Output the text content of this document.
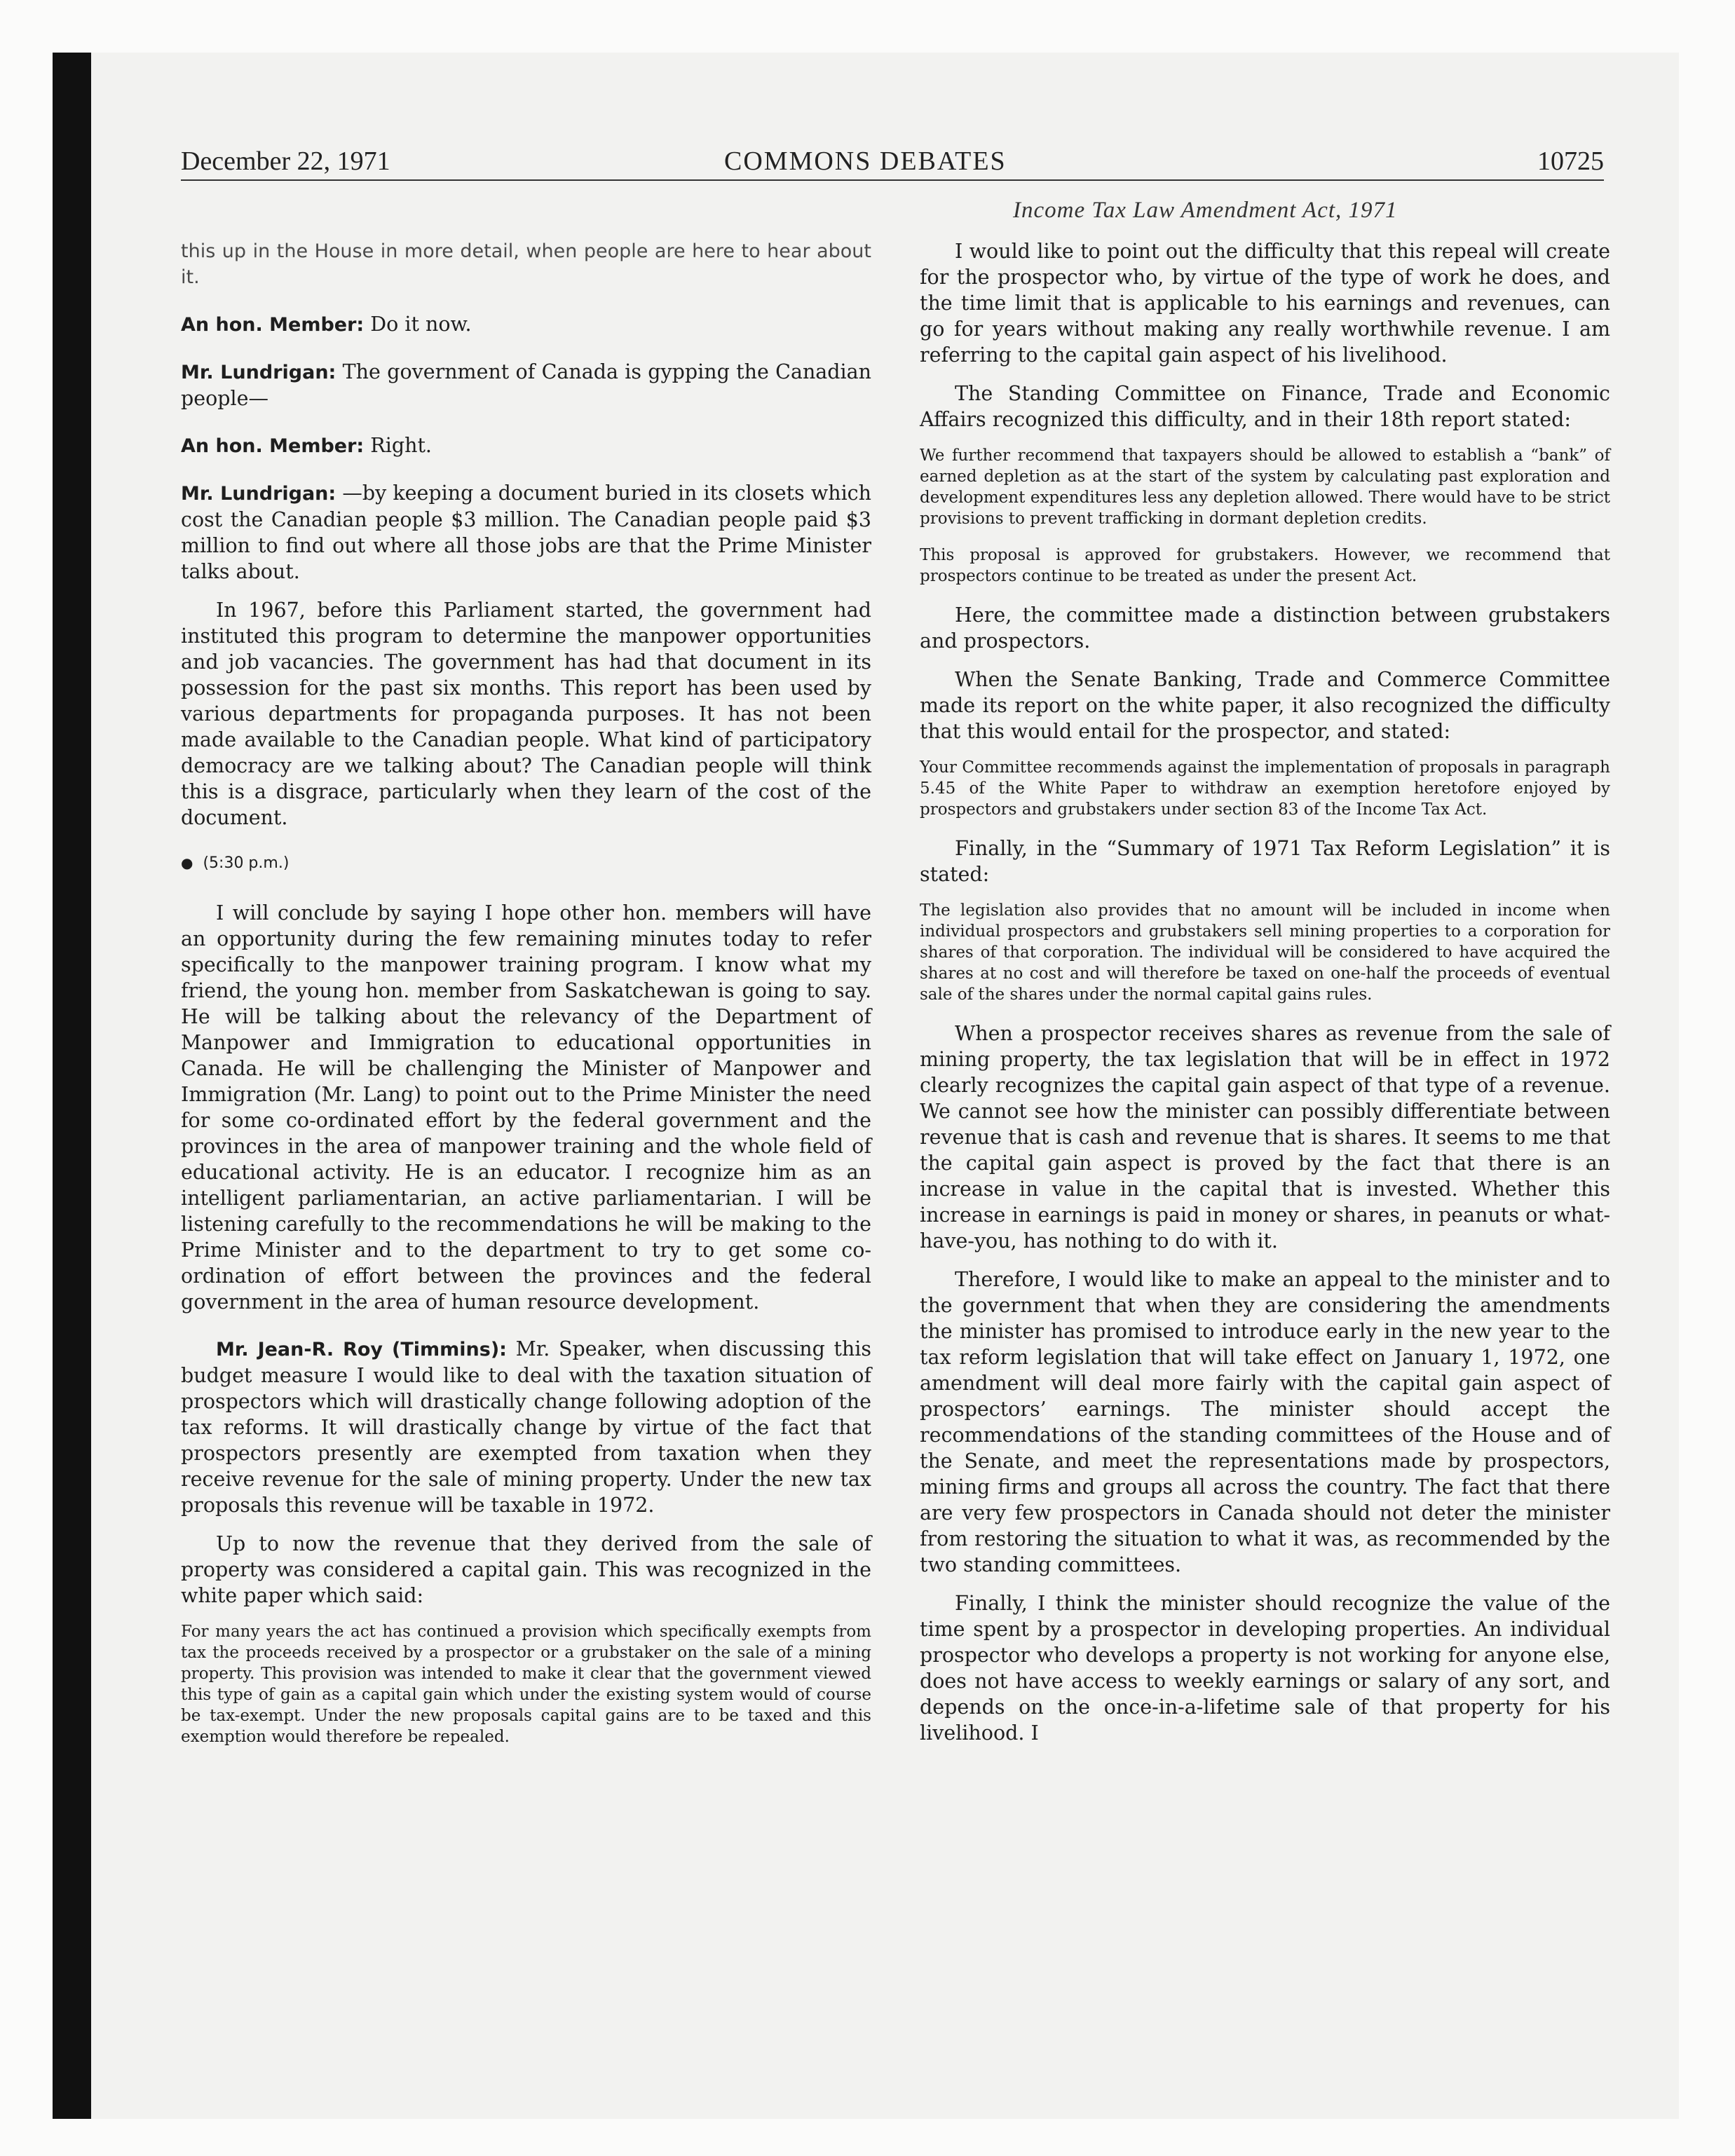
December 22, 1971	COMMONS DEBATES	10725
Income Tax Law Amendment Act, 1971

this up in the House in more detail, when people are here to hear about it.

An hon. Member: Do it now.

Mr. Lundrigan: The government of Canada is gypping the Canadian people—

An hon. Member: Right.

Mr. Lundrigan: —by keeping a document buried in its closets which cost the Canadian people $3 million. The Canadian people paid $3 million to find out where all those jobs are that the Prime Minister talks about.

In 1967, before this Parliament started, the government had instituted this program to determine the manpower opportunities and job vacancies. The government has had that document in its possession for the past six months. This report has been used by various departments for propaganda purposes. It has not been made available to the Canadian people. What kind of participatory democracy are we talking about? The Canadian people will think this is a disgrace, particularly when they learn of the cost of the document.

● (5:30 p.m.)

I will conclude by saying I hope other hon. members will have an opportunity during the few remaining minutes today to refer specifically to the manpower training program. I know what my friend, the young hon. member from Saskatchewan is going to say. He will be talking about the relevancy of the Department of Manpower and Immigration to educational opportunities in Canada. He will be challenging the Minister of Manpower and Immigration (Mr. Lang) to point out to the Prime Minister the need for some co-ordinated effort by the federal government and the provinces in the area of manpower training and the whole field of educational activity. He is an educator. I recognize him as an intelligent parliamentarian, an active parliamentarian. I will be listening carefully to the recommendations he will be making to the Prime Minister and to the department to try to get some co-ordination of effort between the provinces and the federal government in the area of human resource development.

Mr. Jean-R. Roy (Timmins): Mr. Speaker, when discussing this budget measure I would like to deal with the taxation situation of prospectors which will drastically change following adoption of the tax reforms. It will drastically change by virtue of the fact that prospectors presently are exempted from taxation when they receive revenue for the sale of mining property. Under the new tax proposals this revenue will be taxable in 1972.

Up to now the revenue that they derived from the sale of property was considered a capital gain. This was recognized in the white paper which said:

For many years the act has continued a provision which specifically exempts from tax the proceeds received by a prospector or a grubstaker on the sale of a mining property. This provision was intended to make it clear that the government viewed this type of gain as a capital gain which under the existing system would of course be tax-exempt. Under the new proposals capital gains are to be taxed and this exemption would therefore be repealed.

I would like to point out the difficulty that this repeal will create for the prospector who, by virtue of the type of work he does, and the time limit that is applicable to his earnings and revenues, can go for years without making any really worthwhile revenue. I am referring to the capital gain aspect of his livelihood.

The Standing Committee on Finance, Trade and Economic Affairs recognized this difficulty, and in their 18th report stated:

We further recommend that taxpayers should be allowed to establish a “bank” of earned depletion as at the start of the system by calculating past exploration and development expenditures less any depletion allowed. There would have to be strict provisions to prevent trafficking in dormant depletion credits.

This proposal is approved for grubstakers. However, we recommend that prospectors continue to be treated as under the present Act.

Here, the committee made a distinction between grubstakers and prospectors.

When the Senate Banking, Trade and Commerce Committee made its report on the white paper, it also recognized the difficulty that this would entail for the prospector, and stated:

Your Committee recommends against the implementation of proposals in paragraph 5.45 of the White Paper to withdraw an exemption heretofore enjoyed by prospectors and grubstakers under section 83 of the Income Tax Act.

Finally, in the “Summary of 1971 Tax Reform Legislation” it is stated:

The legislation also provides that no amount will be included in income when individual prospectors and grubstakers sell mining properties to a corporation for shares of that corporation. The individual will be considered to have acquired the shares at no cost and will therefore be taxed on one-half the proceeds of eventual sale of the shares under the normal capital gains rules.

When a prospector receives shares as revenue from the sale of mining property, the tax legislation that will be in effect in 1972 clearly recognizes the capital gain aspect of that type of a revenue. We cannot see how the minister can possibly differentiate between revenue that is cash and revenue that is shares. It seems to me that the capital gain aspect is proved by the fact that there is an increase in value in the capital that is invested. Whether this increase in earnings is paid in money or shares, in peanuts or what-have-you, has nothing to do with it.

Therefore, I would like to make an appeal to the minister and to the government that when they are considering the amendments the minister has promised to introduce early in the new year to the tax reform legislation that will take effect on January 1, 1972, one amendment will deal more fairly with the capital gain aspect of prospectors’ earnings. The minister should accept the recommendations of the standing committees of the House and of the Senate, and meet the representations made by prospectors, mining firms and groups all across the country. The fact that there are very few prospectors in Canada should not deter the minister from restoring the situation to what it was, as recommended by the two standing committees.

Finally, I think the minister should recognize the value of the time spent by a prospector in developing properties. An individual prospector who develops a property is not working for anyone else, does not have access to weekly earnings or salary of any sort, and depends on the once-in-a-lifetime sale of that property for his livelihood. I
